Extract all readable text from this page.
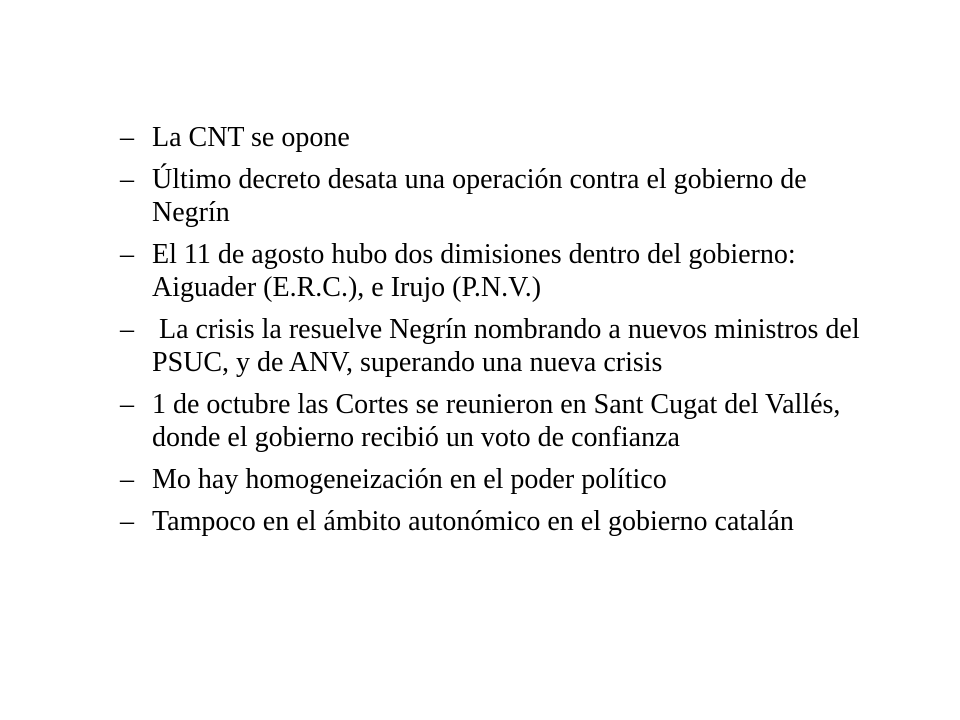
– La CNT se opone
– Último decreto desata una operación contra el gobierno de Negrín
– El 11 de agosto hubo dos dimisiones dentro del gobierno: Aiguader (E.R.C.), e Irujo (P.N.V.)
– La crisis la resuelve Negrín nombrando a nuevos ministros del PSUC, y de ANV, superando una nueva crisis
– 1 de octubre las Cortes se reunieron en Sant Cugat del Vallés, donde el gobierno recibió un voto de confianza
– Mo hay homogeneización en el poder político
– Tampoco en el ámbito autonómico en el gobierno catalán
